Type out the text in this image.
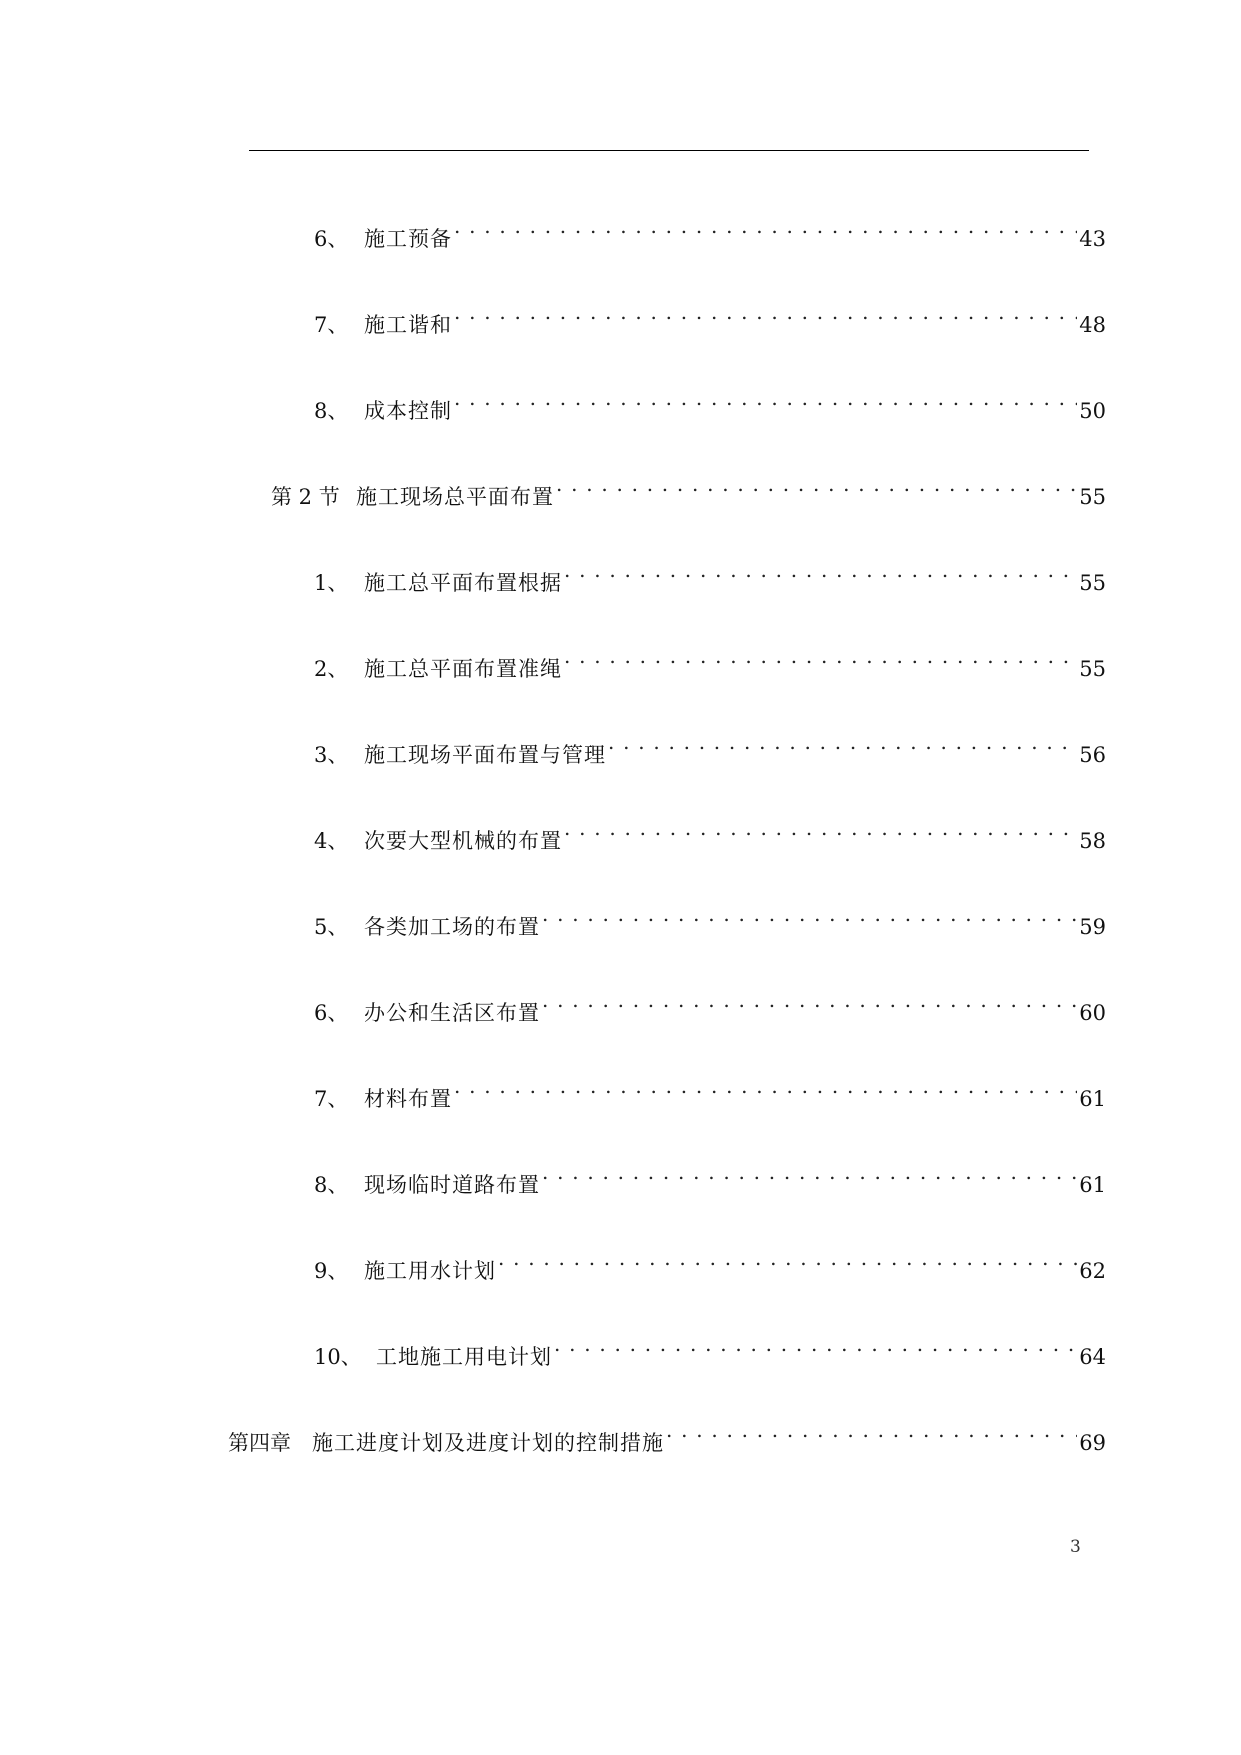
6、 施工预备 . . .	43
7、 施工谐和 . . .	48
8、 成本控制 . . .	50
第 2 节 施工现场总平面布置 . . .	55
1、 施工总平面布置根据 . . .	55
2、 施工总平面布置准绳 . . .	55
3、 施工现场平面布置与管理 . . .	56
4、 次要大型机械的布置 . . .	58
5、 各类加工场的布置 . . .	59
6、 办公和生活区布置 . . .	60
7、 材料布置 . . .	61
8、 现场临时道路布置 . . .	61
9、 施工用水计划 . . .	62
10、 工地施工用电计划 . . .	64
第四章	施工进度计划及进度计划的控制措施 . . .	69
3
